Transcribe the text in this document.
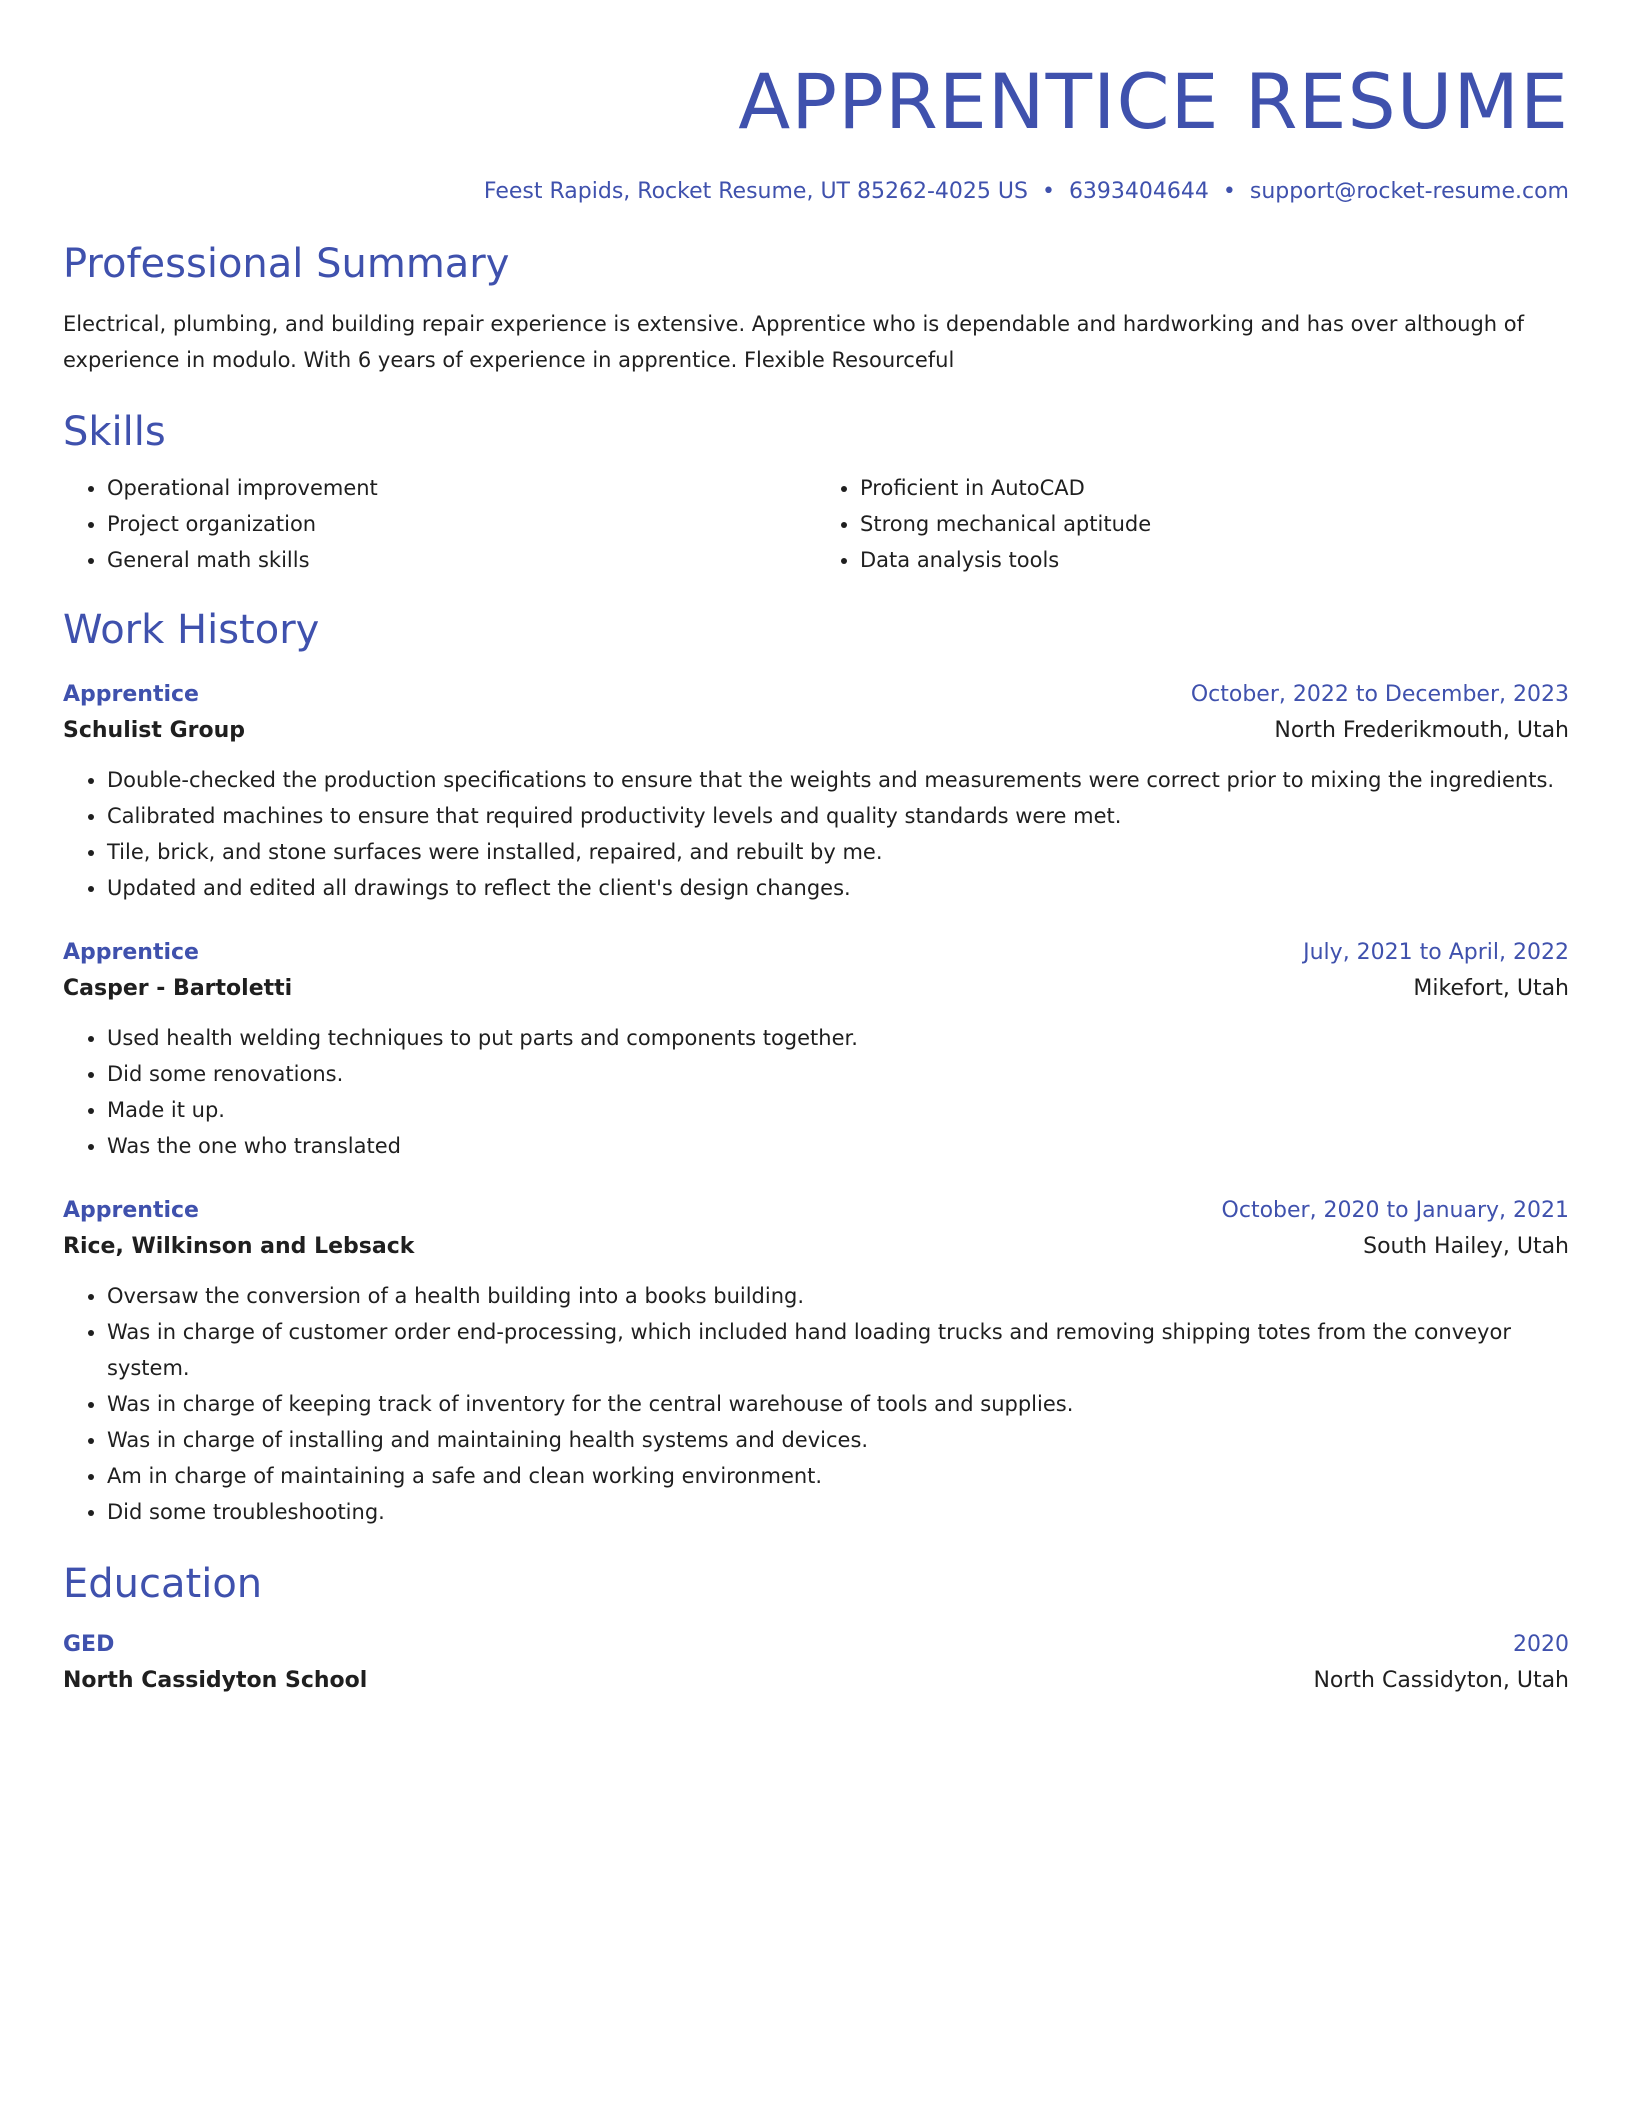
APPRENTICE RESUME
Feest Rapids, Rocket Resume, UT 85262-4025 US • 6393404644 • support@rocket-resume.com
Professional Summary
Electrical, plumbing, and building repair experience is extensive. Apprentice who is dependable and hardworking and has over although of experience in modulo. With 6 years of experience in apprentice. Flexible Resourceful
Skills
• Operational improvement
• Project organization
• General math skills
• Proficient in AutoCAD
• Strong mechanical aptitude
• Data analysis tools
Work History
Apprentice	October, 2022 to December, 2023
Schulist Group	North Frederikmouth, Utah
• Double-checked the production specifications to ensure that the weights and measurements were correct prior to mixing the ingredients.
• Calibrated machines to ensure that required productivity levels and quality standards were met.
• Tile, brick, and stone surfaces were installed, repaired, and rebuilt by me.
• Updated and edited all drawings to reflect the client's design changes.
Apprentice	July, 2021 to April, 2022
Casper - Bartoletti	Mikefort, Utah
• Used health welding techniques to put parts and components together.
• Did some renovations.
• Made it up.
• Was the one who translated
Apprentice	October, 2020 to January, 2021
Rice, Wilkinson and Lebsack	South Hailey, Utah
• Oversaw the conversion of a health building into a books building.
• Was in charge of customer order end-processing, which included hand loading trucks and removing shipping totes from the conveyor system.
• Was in charge of keeping track of inventory for the central warehouse of tools and supplies.
• Was in charge of installing and maintaining health systems and devices.
• Am in charge of maintaining a safe and clean working environment.
• Did some troubleshooting.
Education
GED	2020
North Cassidyton School	North Cassidyton, Utah
